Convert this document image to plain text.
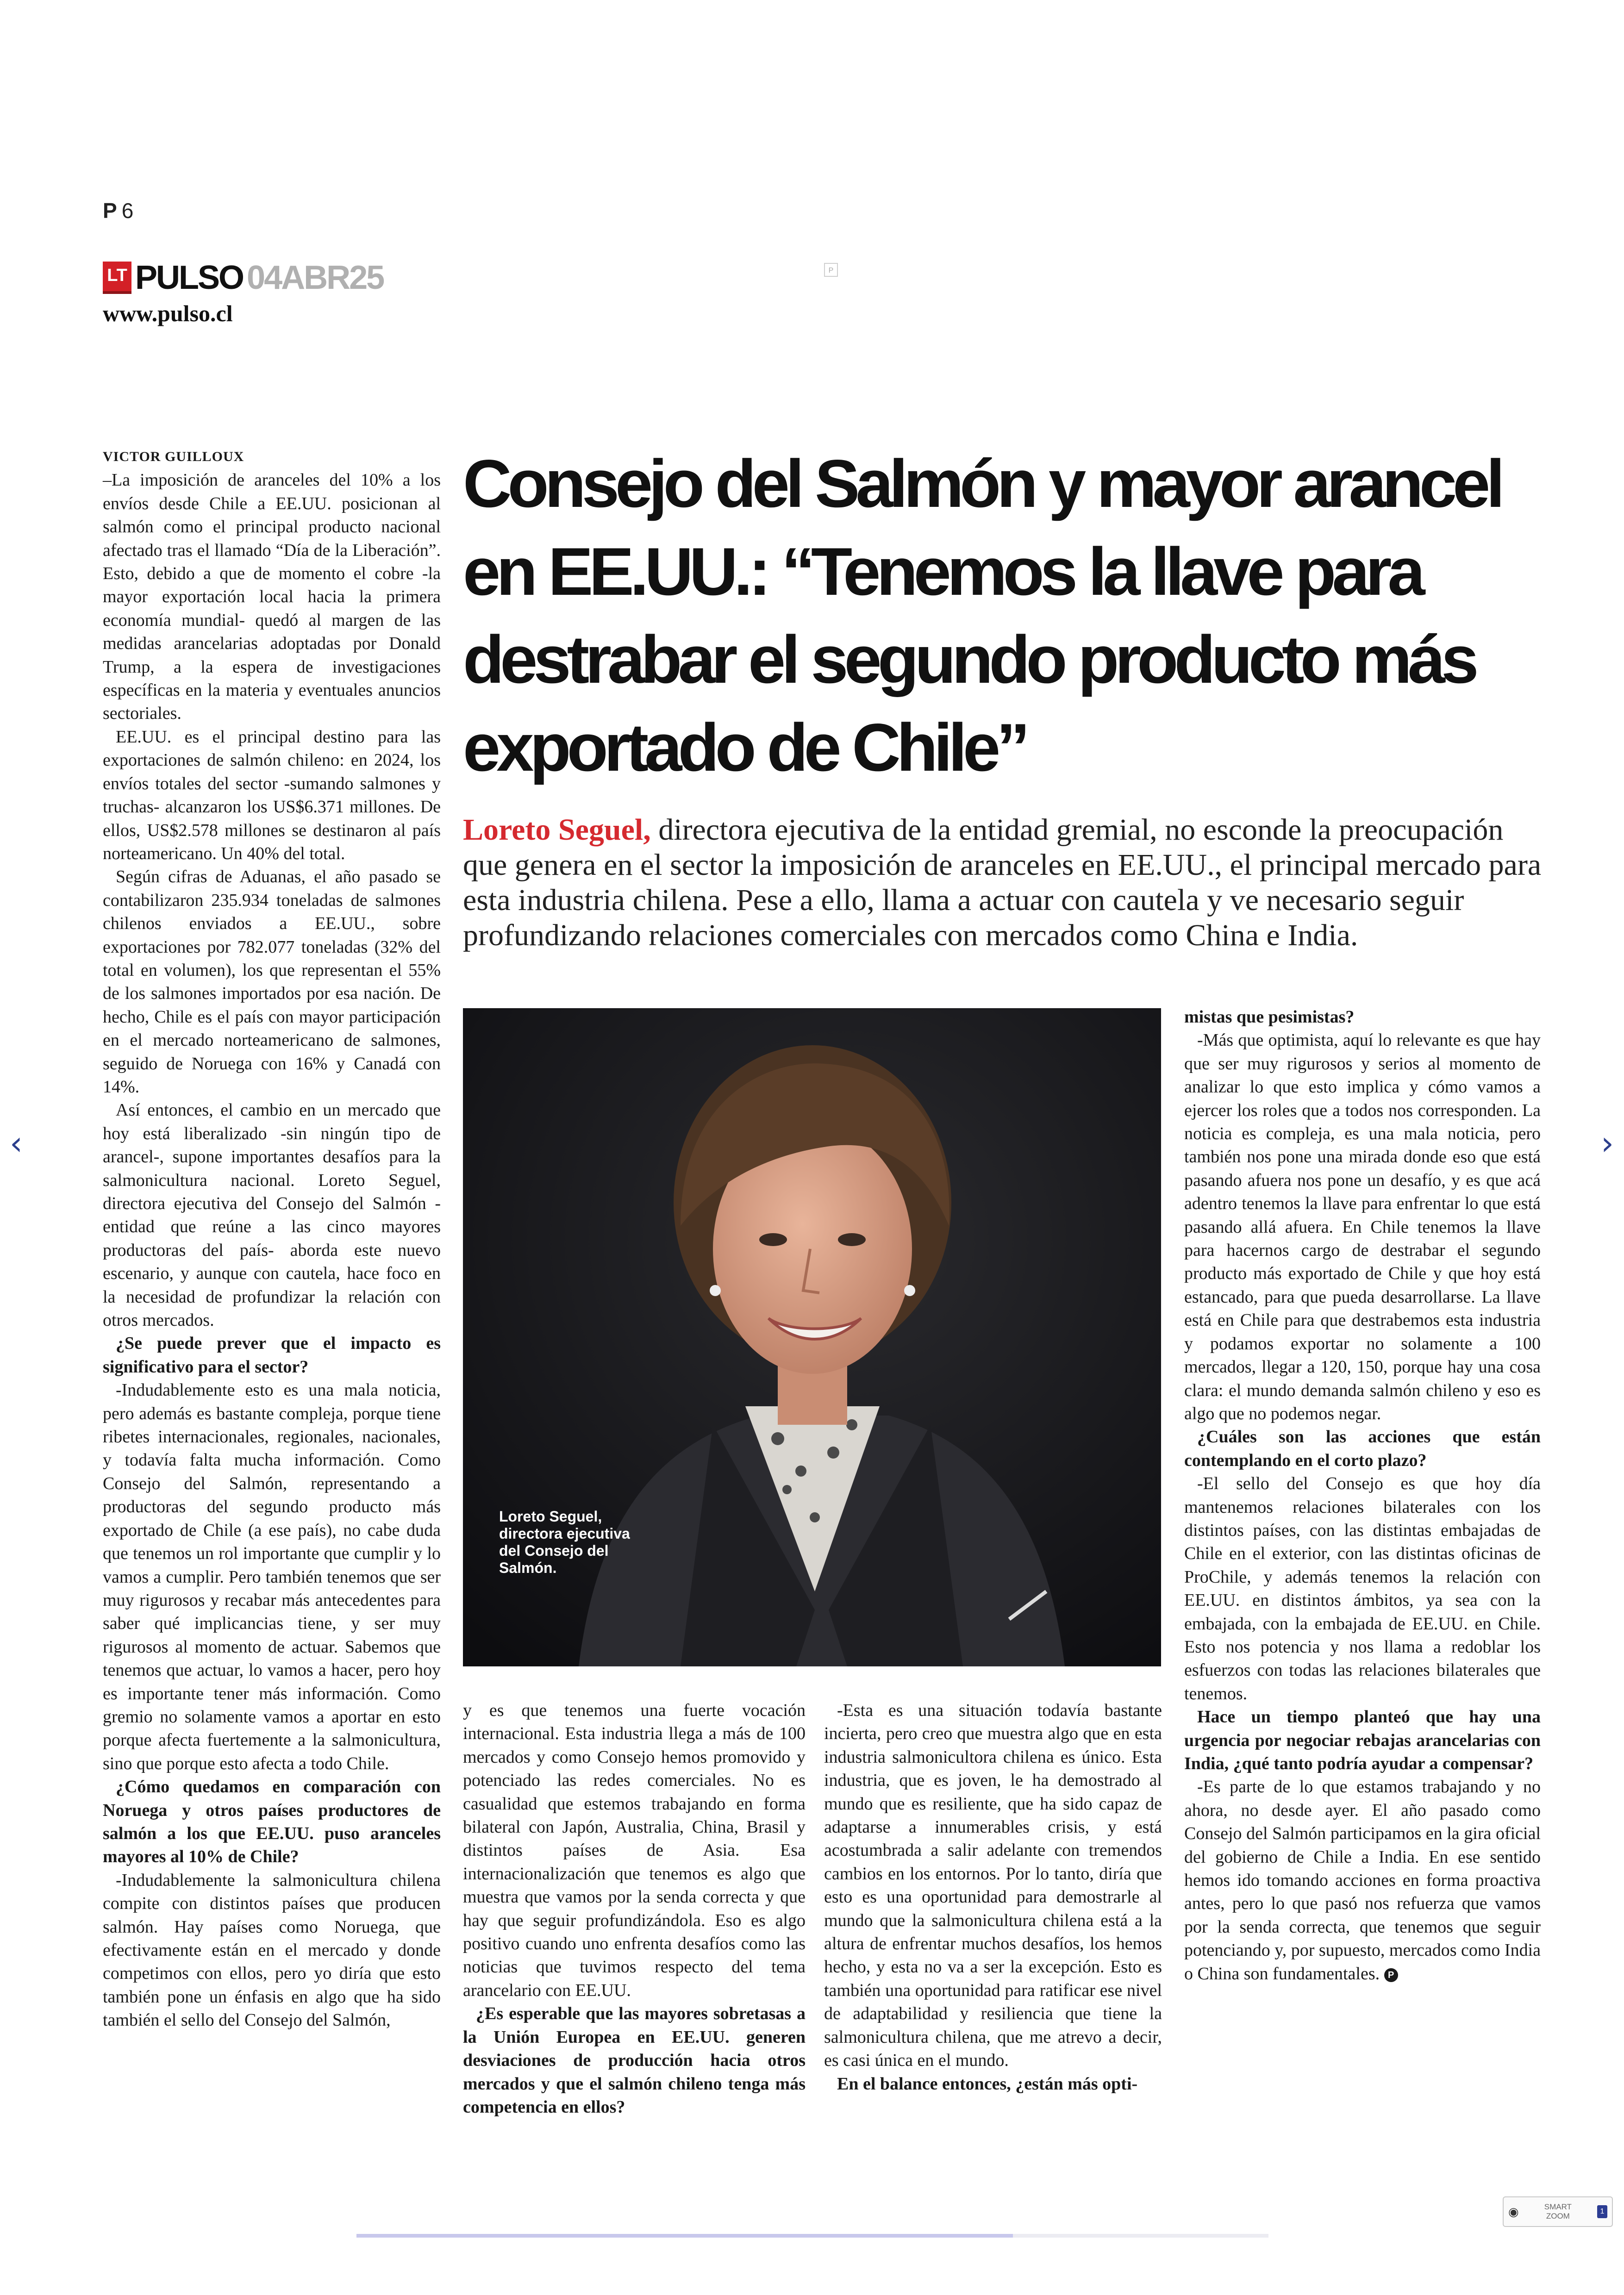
P 6
LT PULSO 04ABR25
www.pulso.cl
P
‹	›
Consejo del Salmón y mayor arancel en EE.UU.: “Tenemos la llave para destrabar el segundo producto más exportado de Chile”

Loreto Seguel, directora ejecutiva de la entidad gremial, no esconde la preocupación que genera en el sector la imposición de aranceles en EE.UU., el principal mercado para esta industria chilena. Pese a ello, llama a actuar con cautela y ve necesario seguir profundizando relaciones comerciales con mercados como China e India.

VICTOR GUILLOUX

–La imposición de aranceles del 10% a los envíos desde Chile a EE.UU. posicionan al salmón como el principal producto nacional afectado tras el llamado “Día de la Liberación”. Esto, debido a que de momento el cobre -la mayor exportación local hacia la primera economía mundial- quedó al margen de las medidas arancelarias adoptadas por Donald Trump, a la espera de investigaciones específicas en la materia y eventuales anuncios sectoriales.

EE.UU. es el principal destino para las exportaciones de salmón chileno: en 2024, los envíos totales del sector -sumando salmones y truchas- alcanzaron los US$6.371 millones. De ellos, US$2.578 millones se destinaron al país norteamericano. Un 40% del total.

Según cifras de Aduanas, el año pasado se contabilizaron 235.934 toneladas de salmones chilenos enviados a EE.UU., sobre exportaciones por 782.077 toneladas (32% del total en volumen), los que representan el 55% de los salmones importados por esa nación. De hecho, Chile es el país con mayor participación en el mercado norteamericano de salmones, seguido de Noruega con 16% y Canadá con 14%.

Así entonces, el cambio en un mercado que hoy está liberalizado -sin ningún tipo de arancel-, supone importantes desafíos para la salmonicultura nacional. Loreto Seguel, directora ejecutiva del Consejo del Salmón -entidad que reúne a las cinco mayores productoras del país- aborda este nuevo escenario, y aunque con cautela, hace foco en la necesidad de profundizar la relación con otros mercados.

¿Se puede prever que el impacto es significativo para el sector?

-Indudablemente esto es una mala noticia, pero además es bastante compleja, porque tiene ribetes internacionales, regionales, nacionales, y todavía falta mucha información. Como Consejo del Salmón, representando a productoras del segundo producto más exportado de Chile (a ese país), no cabe duda que tenemos un rol importante que cumplir y lo vamos a cumplir. Pero también tenemos que ser muy rigurosos y recabar más antecedentes para saber qué implicancias tiene, y ser muy rigurosos al momento de actuar. Sabemos que tenemos que actuar, lo vamos a hacer, pero hoy es importante tener más información. Como gremio no solamente vamos a aportar en esto porque afecta fuertemente a la salmonicultura, sino que porque esto afecta a todo Chile.

¿Cómo quedamos en comparación con Noruega y otros países productores de salmón a los que EE.UU. puso aranceles mayores al 10% de Chile?

-Indudablemente la salmonicultura chilena compite con distintos países que producen salmón. Hay países como Noruega, que efectivamente están en el mercado y donde competimos con ellos, pero yo diría que esto también pone un énfasis en algo que ha sido también el sello del Consejo del Salmón,

Loreto Seguel, directora ejecutiva del Consejo del Salmón.

y es que tenemos una fuerte vocación internacional. Esta industria llega a más de 100 mercados y como Consejo hemos promovido y potenciado las redes comerciales. No es casualidad que estemos trabajando en forma bilateral con Japón, Australia, China, Brasil y distintos países de Asia. Esa internacionalización que tenemos es algo que muestra que vamos por la senda correcta y que hay que seguir profundizándola. Eso es algo positivo cuando uno enfrenta desafíos como las noticias que tuvimos respecto del tema arancelario con EE.UU.

¿Es esperable que las mayores sobretasas a la Unión Europea en EE.UU. generen desviaciones de producción hacia otros mercados y que el salmón chileno tenga más competencia en ellos?

-Esta es una situación todavía bastante incierta, pero creo que muestra algo que en esta industria salmonicultora chilena es único. Esta industria, que es joven, le ha demostrado al mundo que es resiliente, que ha sido capaz de adaptarse a innumerables crisis, y está acostumbrada a salir adelante con tremendos cambios en los entornos. Por lo tanto, diría que esto es una oportunidad para demostrarle al mundo que la salmonicultura chilena está a la altura de enfrentar muchos desafíos, los hemos hecho, y esta no va a ser la excepción. Esto es también una oportunidad para ratificar ese nivel de adaptabilidad y resiliencia que tiene la salmonicultura chilena, que me atrevo a decir, es casi única en el mundo.

En el balance entonces, ¿están más opti-

mistas que pesimistas?

-Más que optimista, aquí lo relevante es que hay que ser muy rigurosos y serios al momento de analizar lo que esto implica y cómo vamos a ejercer los roles que a todos nos corresponden. La noticia es compleja, es una mala noticia, pero también nos pone una mirada donde eso que está pasando afuera nos pone un desafío, y es que acá adentro tenemos la llave para enfrentar lo que está pasando allá afuera. En Chile tenemos la llave para hacernos cargo de destrabar el segundo producto más exportado de Chile y que hoy está estancado, para que pueda desarrollarse. La llave está en Chile para que destrabemos esta industria y podamos exportar no solamente a 100 mercados, llegar a 120, 150, porque hay una cosa clara: el mundo demanda salmón chileno y eso es algo que no podemos negar.

¿Cuáles son las acciones que están contemplando en el corto plazo?

-El sello del Consejo es que hoy día mantenemos relaciones bilaterales con los distintos países, con las distintas embajadas de Chile en el exterior, con las distintas oficinas de ProChile, y además tenemos la relación con EE.UU. en distintos ámbitos, ya sea con la embajada, con la embajada de EE.UU. en Chile. Esto nos potencia y nos llama a redoblar los esfuerzos con todas las relaciones bilaterales que tenemos.

Hace un tiempo planteó que hay una urgencia por negociar rebajas arancelarias con India, ¿qué tanto podría ayudar a compensar?

-Es parte de lo que estamos trabajando y no ahora, no desde ayer. El año pasado como Consejo del Salmón participamos en la gira oficial del gobierno de Chile a India. En ese sentido hemos ido tomando acciones en forma proactiva antes, pero lo que pasó nos refuerza que vamos por la senda correcta, que tenemos que seguir potenciando y, por supuesto, mercados como India o China son fundamentales. P

◉	SMART
ZOOM
1
